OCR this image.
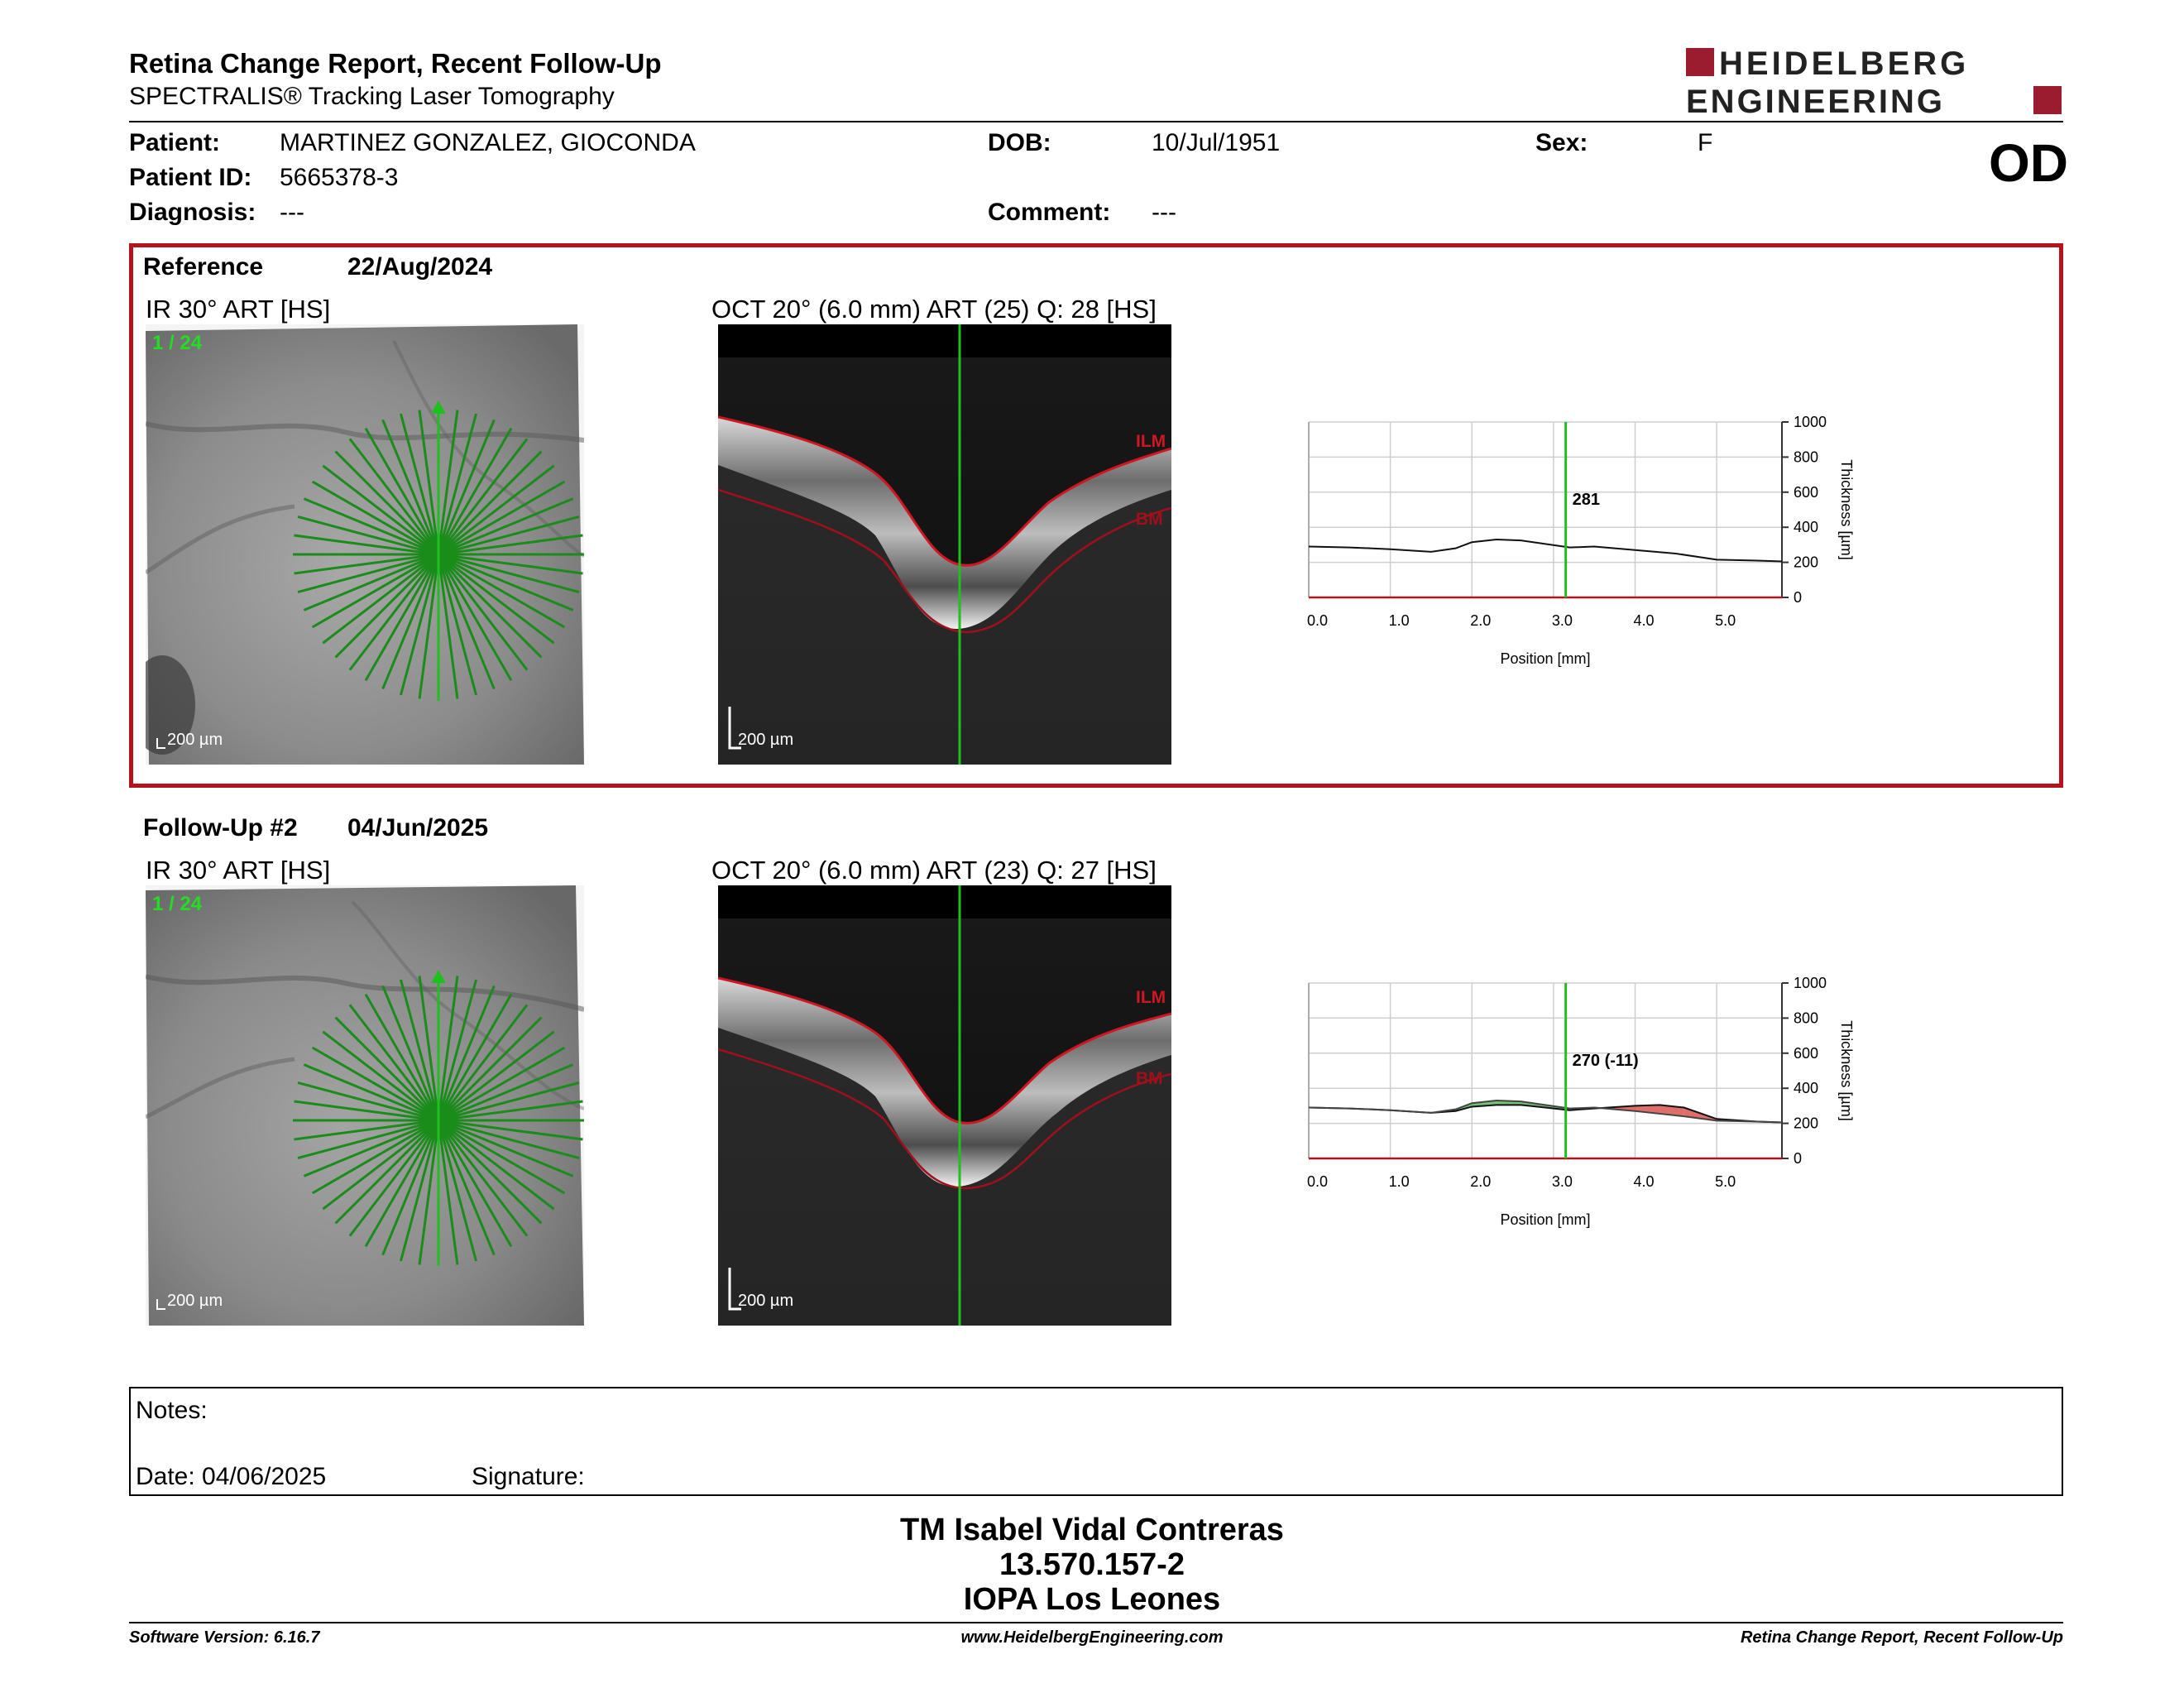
Retina Change Report, Recent Follow-Up
SPECTRALIS® Tracking Laser Tomography
HEIDELBERG
ENGINEERING
Patient: MARTINEZ GONZALEZ, GIOCONDA
Patient ID: 5665378-3
Diagnosis: ---
DOB:	10/Jul/1951
Comment: ---
Sex:	F	OD
Reference	22/Aug/2024
IR 30° ART [HS]	OCT 20° (6.0 mm) ART (25) Q: 28 [HS]
1 / 24
200 µm
ILM
BM
200 µm
0
200
400
600
800
1000
0.0	1.0	2.0	3.0	4.0	5.0
Position [mm]
Thickness [µm]
281
Follow-Up #2 04/Jun/2025
IR 30° ART [HS]	OCT 20° (6.0 mm) ART (23) Q: 27 [HS]
1 / 24
200 µm
ILM
BM
200 µm
0
200
400
600
800
1000
0.0	1.0	2.0	3.0	4.0	5.0
Position [mm]
Thickness [µm]
270 (-11)
Notes:
Date: 04/06/2025	Signature:
TM Isabel Vidal Contreras
13.570.157-2
IOPA Los Leones
Software Version: 6.16.7	www.HeidelbergEngineering.com	Retina Change Report, Recent Follow-Up
